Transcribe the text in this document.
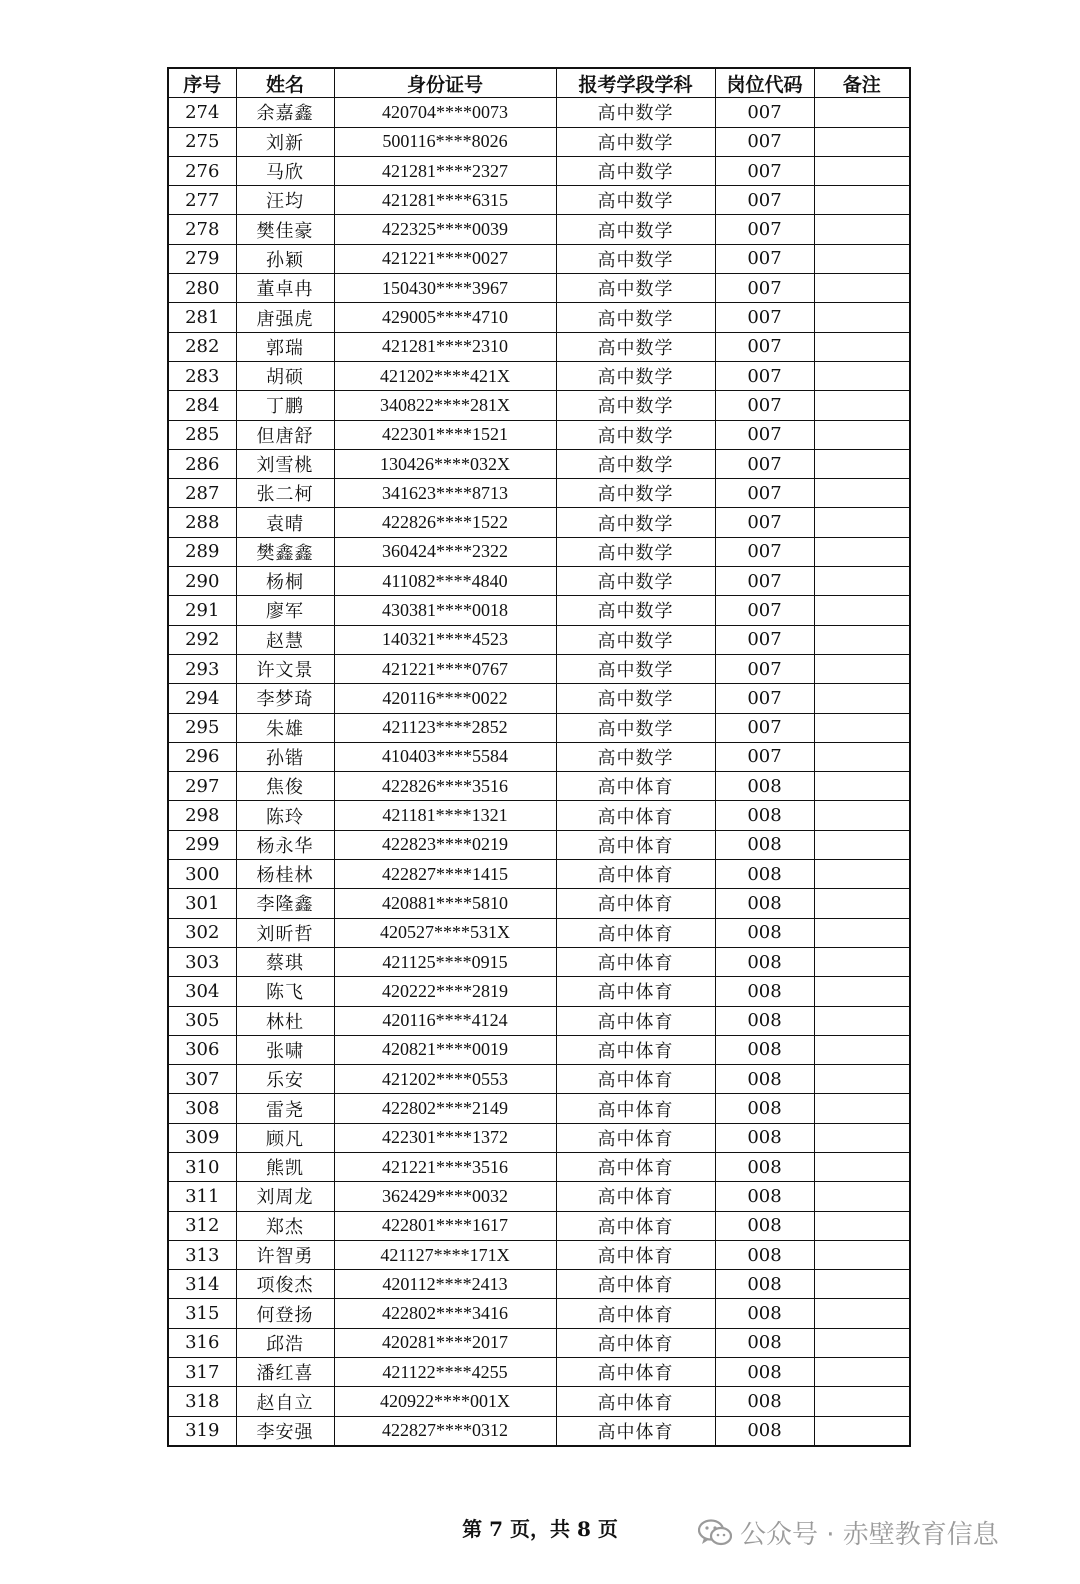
序号	姓名	身份证号	报考学段学科	岗位代码	备注
274	余嘉鑫	420704****0073	高中数学	007	
275	刘新	500116****8026	高中数学	007	
276	马欣	421281****2327	高中数学	007	
277	汪均	421281****6315	高中数学	007	
278	樊佳豪	422325****0039	高中数学	007	
279	孙颖	421221****0027	高中数学	007	
280	董卓冉	150430****3967	高中数学	007	
281	唐强虎	429005****4710	高中数学	007	
282	郭瑞	421281****2310	高中数学	007	
283	胡硕	421202****421X	高中数学	007	
284	丁鹏	340822****281X	高中数学	007	
285	但唐舒	422301****1521	高中数学	007	
286	刘雪桃	130426****032X	高中数学	007	
287	张二柯	341623****8713	高中数学	007	
288	袁晴	422826****1522	高中数学	007	
289	樊鑫鑫	360424****2322	高中数学	007	
290	杨桐	411082****4840	高中数学	007	
291	廖军	430381****0018	高中数学	007	
292	赵慧	140321****4523	高中数学	007	
293	许文景	421221****0767	高中数学	007	
294	李梦琦	420116****0022	高中数学	007	
295	朱雄	421123****2852	高中数学	007	
296	孙锴	410403****5584	高中数学	007	
297	焦俊	422826****3516	高中体育	008	
298	陈玲	421181****1321	高中体育	008	
299	杨永华	422823****0219	高中体育	008	
300	杨桂林	422827****1415	高中体育	008	
301	李隆鑫	420881****5810	高中体育	008	
302	刘昕哲	420527****531X	高中体育	008	
303	蔡琪	421125****0915	高中体育	008	
304	陈飞	420222****2819	高中体育	008	
305	林杜	420116****4124	高中体育	008	
306	张啸	420821****0019	高中体育	008	
307	乐安	421202****0553	高中体育	008	
308	雷尧	422802****2149	高中体育	008	
309	顾凡	422301****1372	高中体育	008	
310	熊凯	421221****3516	高中体育	008	
311	刘周龙	362429****0032	高中体育	008	
312	郑杰	422801****1617	高中体育	008	
313	许智勇	421127****171X	高中体育	008	
314	项俊杰	420112****2413	高中体育	008	
315	何登扬	422802****3416	高中体育	008	
316	邱浩	420281****2017	高中体育	008	
317	潘红喜	421122****4255	高中体育	008	
318	赵自立	420922****001X	高中体育	008	
319	李安强	422827****0312	高中体育	008	
第 7 页，共 8 页	公众号 · 赤壁教育信息
